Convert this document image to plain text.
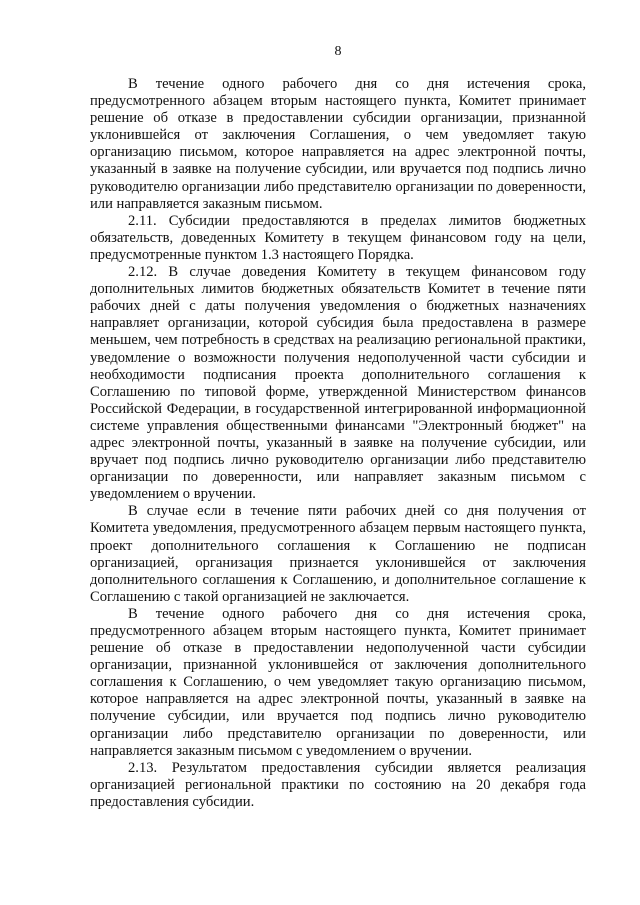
8

В течение одного рабочего дня со дня истечения срока, предусмотренного абзацем вторым настоящего пункта, Комитет принимает решение об отказе в предоставлении субсидии организации, признанной уклонившейся от заключения Соглашения, о чем уведомляет такую организацию письмом, которое направляется на адрес электронной почты, указанный в заявке на получение субсидии, или вручается под подпись лично руководителю организации либо представителю организации по доверенности, или направляется заказным письмом.

2.11. Субсидии предоставляются в пределах лимитов бюджетных обязательств, доведенных Комитету в текущем финансовом году на цели, предусмотренные пунктом 1.3 настоящего Порядка.

2.12. В случае доведения Комитету в текущем финансовом году дополнительных лимитов бюджетных обязательств Комитет в течение пяти рабочих дней с даты получения уведомления о бюджетных назначениях направляет организации, которой субсидия была предоставлена в размере меньшем, чем потребность в средствах на реализацию региональной практики, уведомление о возможности получения недополученной части субсидии и необходимости подписания проекта дополнительного соглашения к Соглашению по типовой форме, утвержденной Министерством финансов Российской Федерации, в государственной интегрированной информационной системе управления общественными финансами "Электронный бюджет" на адрес электронной почты, указанный в заявке на получение субсидии, или вручает под подпись лично руководителю организации либо представителю организации по доверенности, или направляет заказным письмом с уведомлением о вручении.

В случае если в течение пяти рабочих дней со дня получения от Комитета уведомления, предусмотренного абзацем первым настоящего пункта, проект дополнительного соглашения к Соглашению не подписан организацией, организация признается уклонившейся от заключения дополнительного соглашения к Соглашению, и дополнительное соглашение к Соглашению с такой организацией не заключается.

В течение одного рабочего дня со дня истечения срока, предусмотренного абзацем вторым настоящего пункта, Комитет принимает решение об отказе в предоставлении недополученной части субсидии организации, признанной уклонившейся от заключения дополнительного соглашения к Соглашению, о чем уведомляет такую организацию письмом, которое направляется на адрес электронной почты, указанный в заявке на получение субсидии, или вручается под подпись лично руководителю организации либо представителю организации по доверенности, или направляется заказным письмом с уведомлением о вручении.

2.13. Результатом предоставления субсидии является реализация организацией региональной практики по состоянию на 20 декабря года предоставления субсидии.
